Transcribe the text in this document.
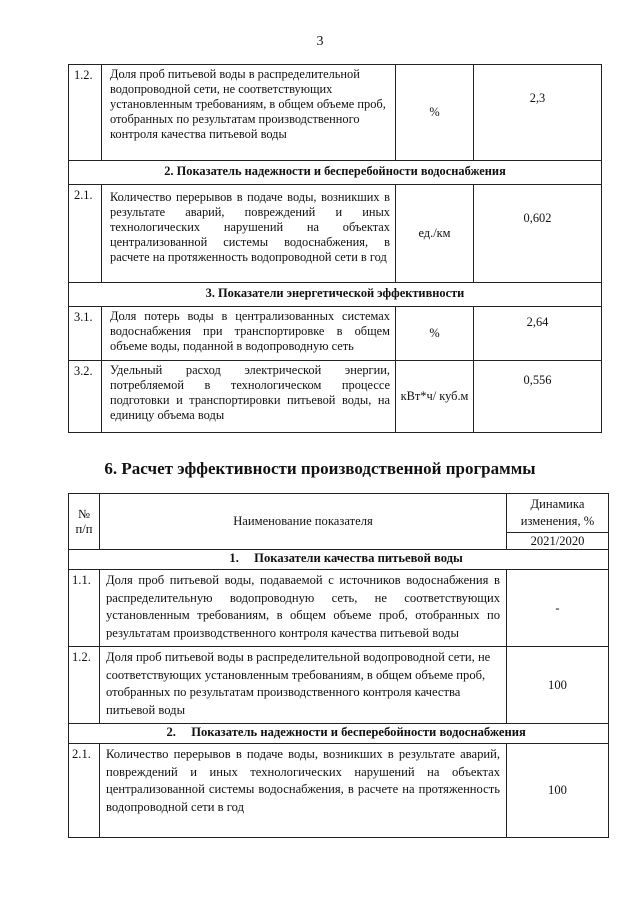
3
1.2.	Доля проб питьевой воды в распределительной водопроводной сети, не соответствующих установленным требованиям, в общем объеме проб, отобранных по результатам производственного контроля качества питьевой воды	%	2,3
2. Показатель надежности и бесперебойности водоснабжения			
2.1.	Количество перерывов в подаче воды, возникших в результате аварий, повреждений и иных технологических нарушений на объектах централизованной системы водоснабжения, в расчете на протяженность водопроводной сети в год	ед./км	0,602
3. Показатели энергетической эффективности			
3.1.	Доля потерь воды в централизованных системах водоснабжения при транспортировке в общем объеме воды, поданной в водопроводную сеть	%	2,64
3.2.	Удельный расход электрической энергии, потребляемой в технологическом процессе подготовки и транспортировки питьевой воды, на единицу объема воды	кВт*ч/ куб.м	0,556
6. Расчет эффективности производственной программы
№ п/п	Наименование показателя	Динамика изменения, %
		2021/2020
1. Показатели качества питьевой воды		
1.1.	Доля проб питьевой воды, подаваемой с источников водоснабжения в распределительную водопроводную сеть, не соответствующих установленным требованиям, в общем объеме проб, отобранных по результатам производственного контроля качества питьевой воды	-
1.2.	Доля проб питьевой воды в распределительной водопроводной сети, не соответствующих установленным требованиям, в общем объеме проб, отобранных по результатам производственного контроля качества питьевой воды	100
2. Показатель надежности и бесперебойности водоснабжения		
2.1.	Количество перерывов в подаче воды, возникших в результате аварий, повреждений и иных технологических нарушений на объектах централизованной системы водоснабжения, в расчете на протяженность водопроводной сети в год	100
